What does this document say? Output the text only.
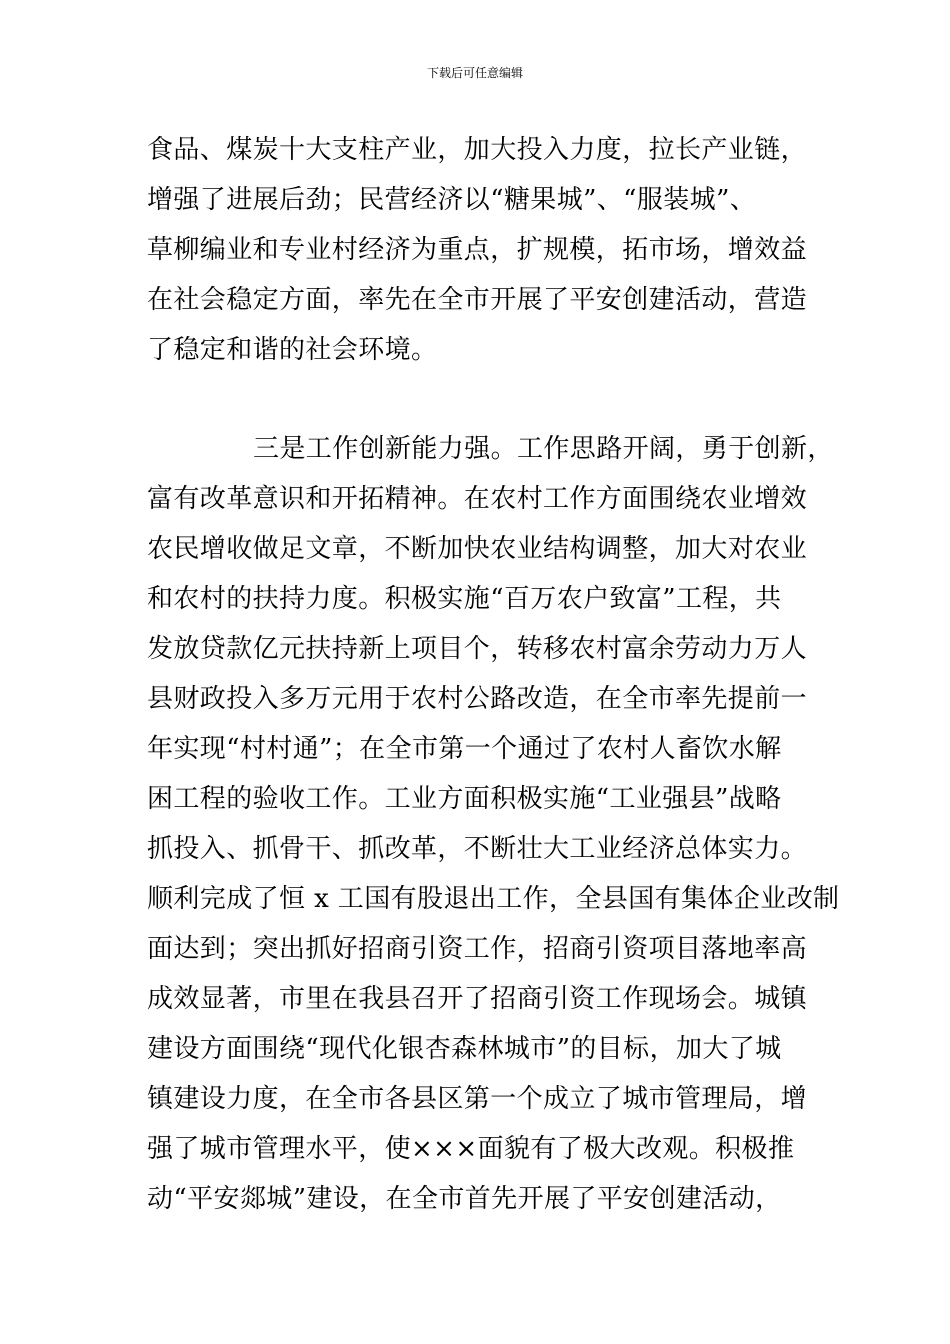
下载后可任意编辑
食品、煤炭十大支柱产业，加大投入力度，拉长产业链，
增强了进展后劲；民营经济以“糖果城”、“服装城”、
草柳编业和专业村经济为重点，扩规模，拓市场，增效益
在社会稳定方面，率先在全市开展了平安创建活动，营造
了稳定和谐的社会环境。
三是工作创新能力强。工作思路开阔，勇于创新，
富有改革意识和开拓精神。在农村工作方面围绕农业增效
农民增收做足文章，不断加快农业结构调整，加大对农业
和农村的扶持力度。积极实施“百万农户致富”工程，共
发放贷款亿元扶持新上项目个，转移农村富余劳动力万人
县财政投入多万元用于农村公路改造，在全市率先提前一
年实现“村村通”；在全市第一个通过了农村人畜饮水解
困工程的验收工作。工业方面积极实施“工业强县”战略
抓投入、抓骨干、抓改革，不断壮大工业经济总体实力。
顺利完成了恒 x 工国有股退出工作，全县国有集体企业改制
面达到；突出抓好招商引资工作，招商引资项目落地率高
成效显著，市里在我县召开了招商引资工作现场会。城镇
建设方面围绕“现代化银杏森林城市”的目标，加大了城
镇建设力度，在全市各县区第一个成立了城市管理局，增
强了城市管理水平，使×××面貌有了极大改观。积极推
动“平安郯城”建设，在全市首先开展了平安创建活动，
